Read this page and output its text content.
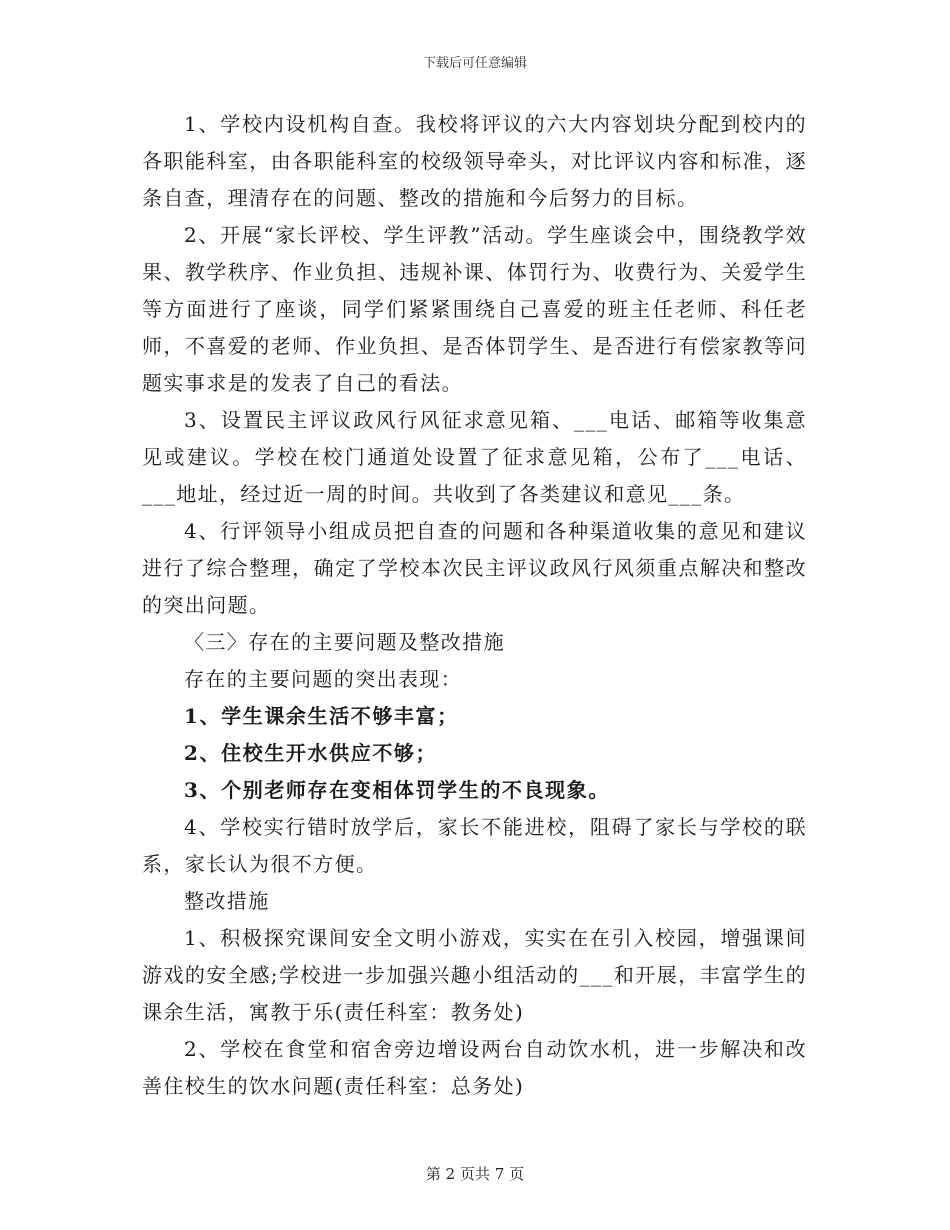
下载后可任意编辑

1、学校内设机构自查。我校将评议的六大内容划块分配到校内的各职能科室，由各职能科室的校级领导牵头，对比评议内容和标准，逐条自查，理清存在的问题、整改的措施和今后努力的目标。

2、开展“家长评校、学生评教”活动。学生座谈会中，围绕教学效果、教学秩序、作业负担、违规补课、体罚行为、收费行为、关爱学生等方面进行了座谈，同学们紧紧围绕自己喜爱的班主任老师、科任老师，不喜爱的老师、作业负担、是否体罚学生、是否进行有偿家教等问题实事求是的发表了自己的看法。

3、设置民主评议政风行风征求意见箱、___电话、邮箱等收集意见或建议。学校在校门通道处设置了征求意见箱，公布了___电话、___地址，经过近一周的时间。共收到了各类建议和意见___条。

4、行评领导小组成员把自查的问题和各种渠道收集的意见和建议进行了综合整理，确定了学校本次民主评议政风行风须重点解决和整改的突出问题。

〈三〉存在的主要问题及整改措施

存在的主要问题的突出表现：

1、学生课余生活不够丰富；

2、住校生开水供应不够；

3、个别老师存在变相体罚学生的不良现象。

4、学校实行错时放学后，家长不能进校，阻碍了家长与学校的联系，家长认为很不方便。

整改措施

1、积极探究课间安全文明小游戏，实实在在引入校园，增强课间游戏的安全感;学校进一步加强兴趣小组活动的___和开展，丰富学生的课余生活，寓教于乐(责任科室：教务处)

2、学校在食堂和宿舍旁边增设两台自动饮水机，进一步解决和改善住校生的饮水问题(责任科室：总务处)

第 2 页共 7 页
